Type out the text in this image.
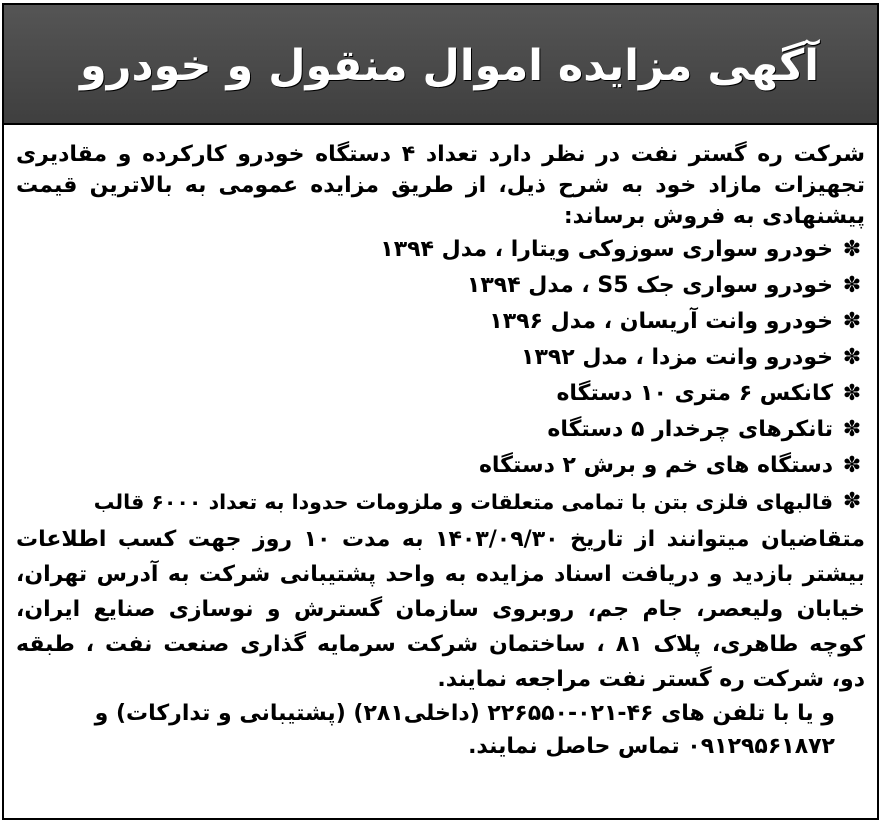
آگهی مزایده اموال منقول و خودرو

شرکت ره گستر نفت در نظر دارد تعداد ۴ دستگاه خودرو کارکرده و مقادیری تجهیزات مازاد خود به شرح ذیل، از طریق مزایده عمومی به بالاترین قیمت پیشنهادی به فروش برساند:

✽
خودرو سواری سوزوکی ویتارا ، مدل ۱۳۹۴
✽
خودرو سواری جک S5 ، مدل ۱۳۹۴
✽
خودرو وانت آریسان ، مدل ۱۳۹۶
✽
خودرو وانت مزدا ، مدل ۱۳۹۲
✽
کانکس ۶ متری ۱۰ دستگاه
✽
تانکرهای چرخدار ۵ دستگاه
✽
دستگاه های خم و برش ۲ دستگاه
✽
قالبهای فلزی بتن با تمامی متعلقات و ملزومات حدودا به تعداد ۶۰۰۰ قالب

متقاضیان میتوانند از تاریخ ۱۴۰۳/۰۹/۳۰ به مدت ۱۰ روز جهت کسب اطلاعات بیشتر بازدید و دریافت اسناد مزایده به واحد پشتیبانی شرکت به آدرس تهران، خیابان ولیعصر، جام جم، روبروی سازمان گسترش و نوسازی صنایع ایران، کوچه طاهری، پلاک ۸۱ ، ساختمان شرکت سرمایه گذاری صنعت نفت ، طبقه دو، شرکت ره گستر نفت مراجعه نمایند.

و یا با تلفن های ۴۶-۰۲۱-۲۲۶۵۵۰ (داخلی۲۸۱) (پشتیبانی و تدارکات) و ۰۹۱۲۹۵۶۱۸۷۲ تماس حاصل نمایند.
